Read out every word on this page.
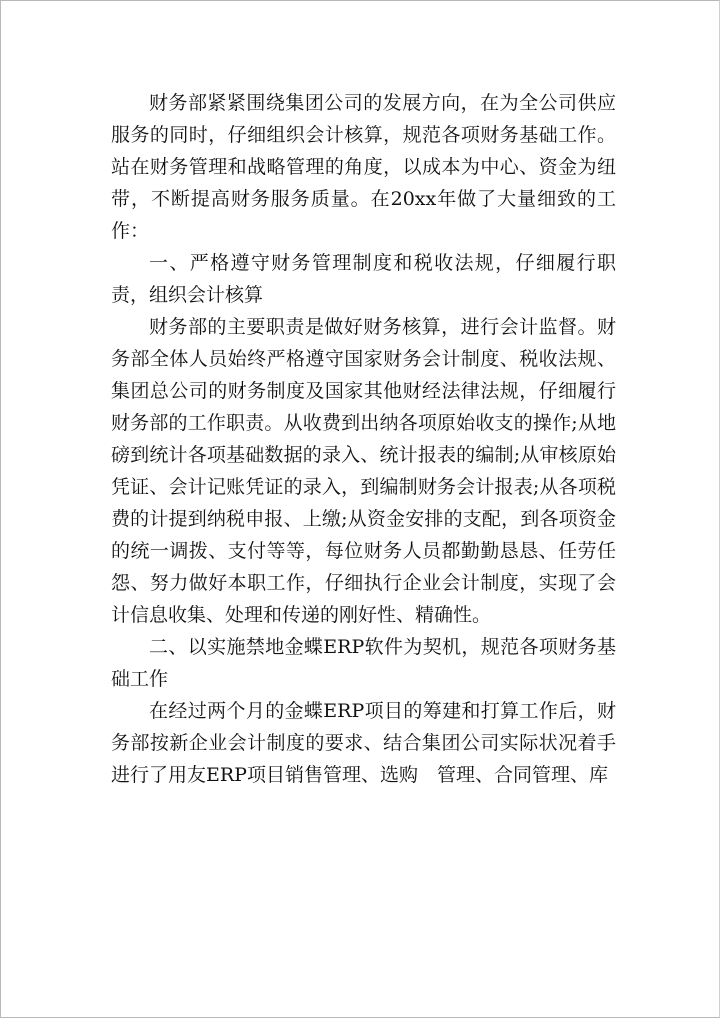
财务部紧紧围绕集团公司的发展方向，在为全公司供应服务的同时，仔细组织会计核算，规范各项财务基础工作。站在财务管理和战略管理的角度，以成本为中心、资金为纽带，不断提高财务服务质量。在20xx年做了大量细致的工作：

一、严格遵守财务管理制度和税收法规，仔细履行职责，组织会计核算

财务部的主要职责是做好财务核算，进行会计监督。财务部全体人员始终严格遵守国家财务会计制度、税收法规、集团总公司的财务制度及国家其他财经法律法规，仔细履行财务部的工作职责。从收费到出纳各项原始收支的操作;从地磅到统计各项基础数据的录入、统计报表的编制;从审核原始凭证、会计记账凭证的录入，到编制财务会计报表;从各项税费的计提到纳税申报、上缴;从资金安排的支配，到各项资金的统一调拨、支付等等，每位财务人员都勤勤恳恳、任劳任怨、努力做好本职工作，仔细执行企业会计制度，实现了会计信息收集、处理和传递的刚好性、精确性。

二、以实施禁地金蝶ERP软件为契机，规范各项财务基础工作

在经过两个月的金蝶ERP项目的筹建和打算工作后，财务部按新企业会计制度的要求、结合集团公司实际状况着手进行了用友ERP项目销售管理、选购　管理、合同管理、库
